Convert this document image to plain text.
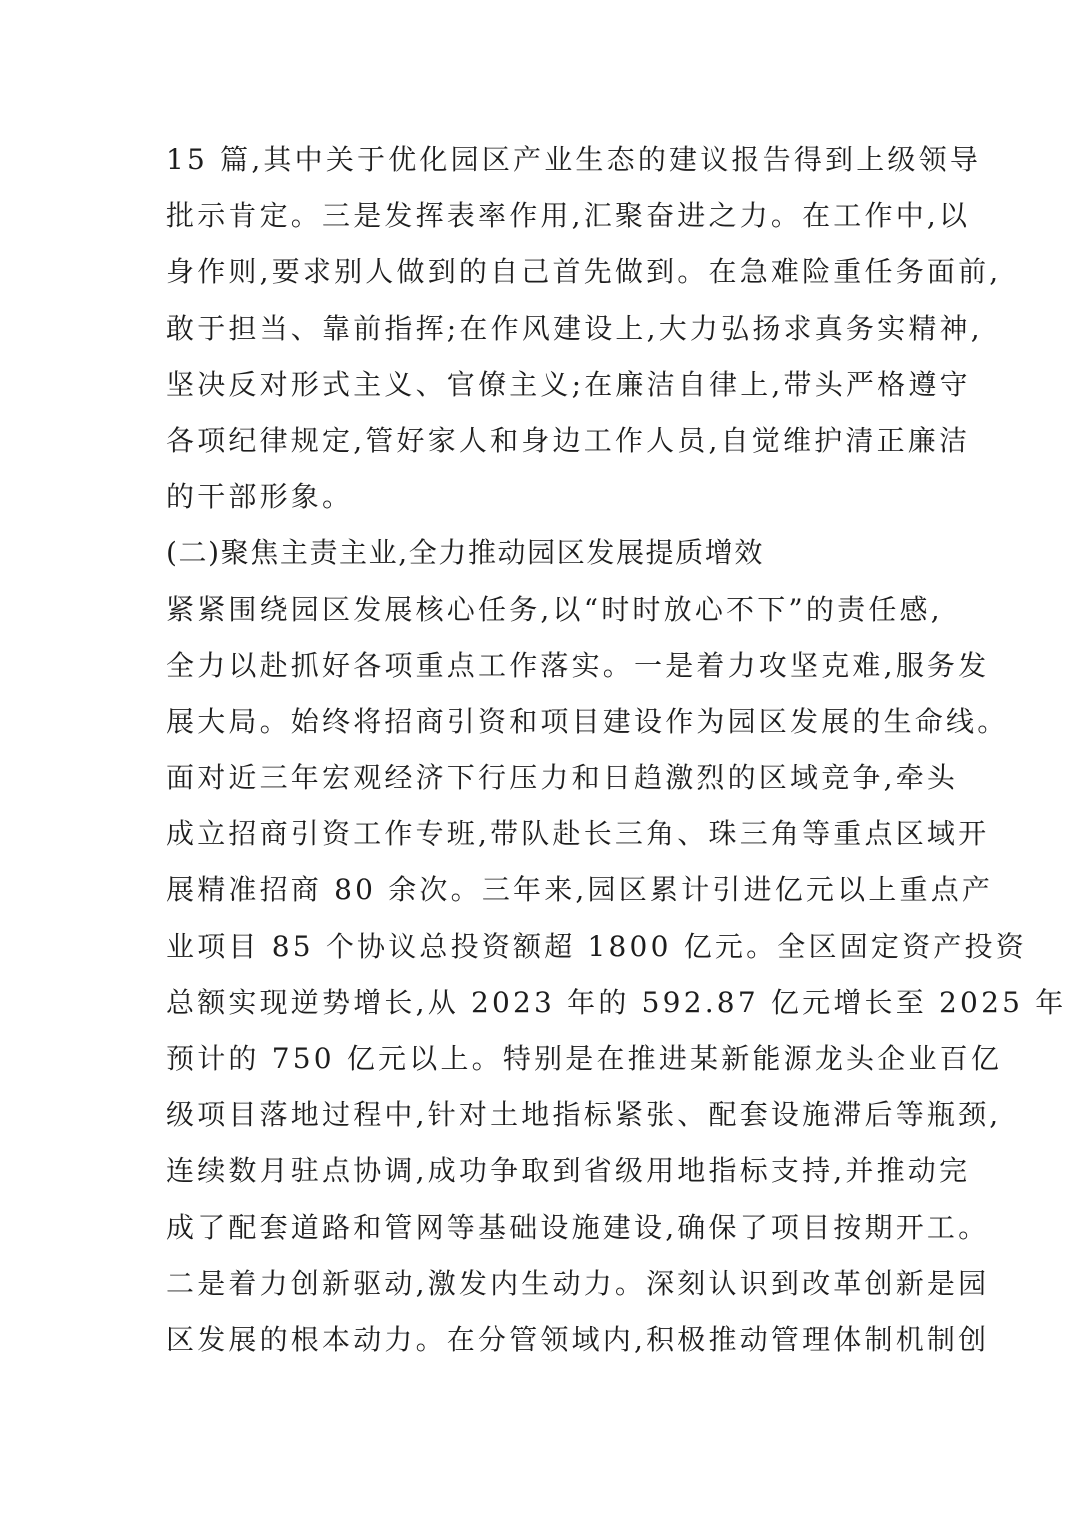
15 篇,其中关于优化园区产业生态的建议报告得到上级领导
批示肯定。三是发挥表率作用,汇聚奋进之力。在工作中,以
身作则,要求别人做到的自己首先做到。在急难险重任务面前,
敢于担当、靠前指挥;在作风建设上,大力弘扬求真务实精神,
坚决反对形式主义、官僚主义;在廉洁自律上,带头严格遵守
各项纪律规定,管好家人和身边工作人员,自觉维护清正廉洁
的干部形象。
(二)聚焦主责主业,全力推动园区发展提质增效
紧紧围绕园区发展核心任务,以“时时放心不下”的责任感,
全力以赴抓好各项重点工作落实。一是着力攻坚克难,服务发
展大局。始终将招商引资和项目建设作为园区发展的生命线。
面对近三年宏观经济下行压力和日趋激烈的区域竞争,牵头
成立招商引资工作专班,带队赴长三角、珠三角等重点区域开
展精准招商 80 余次。三年来,园区累计引进亿元以上重点产
业项目 85 个协议总投资额超 1800 亿元。全区固定资产投资
总额实现逆势增长,从 2023 年的 592.87 亿元增长至 2025 年
预计的 750 亿元以上。特别是在推进某新能源龙头企业百亿
级项目落地过程中,针对土地指标紧张、配套设施滞后等瓶颈,
连续数月驻点协调,成功争取到省级用地指标支持,并推动完
成了配套道路和管网等基础设施建设,确保了项目按期开工。
二是着力创新驱动,激发内生动力。深刻认识到改革创新是园
区发展的根本动力。在分管领域内,积极推动管理体制机制创
